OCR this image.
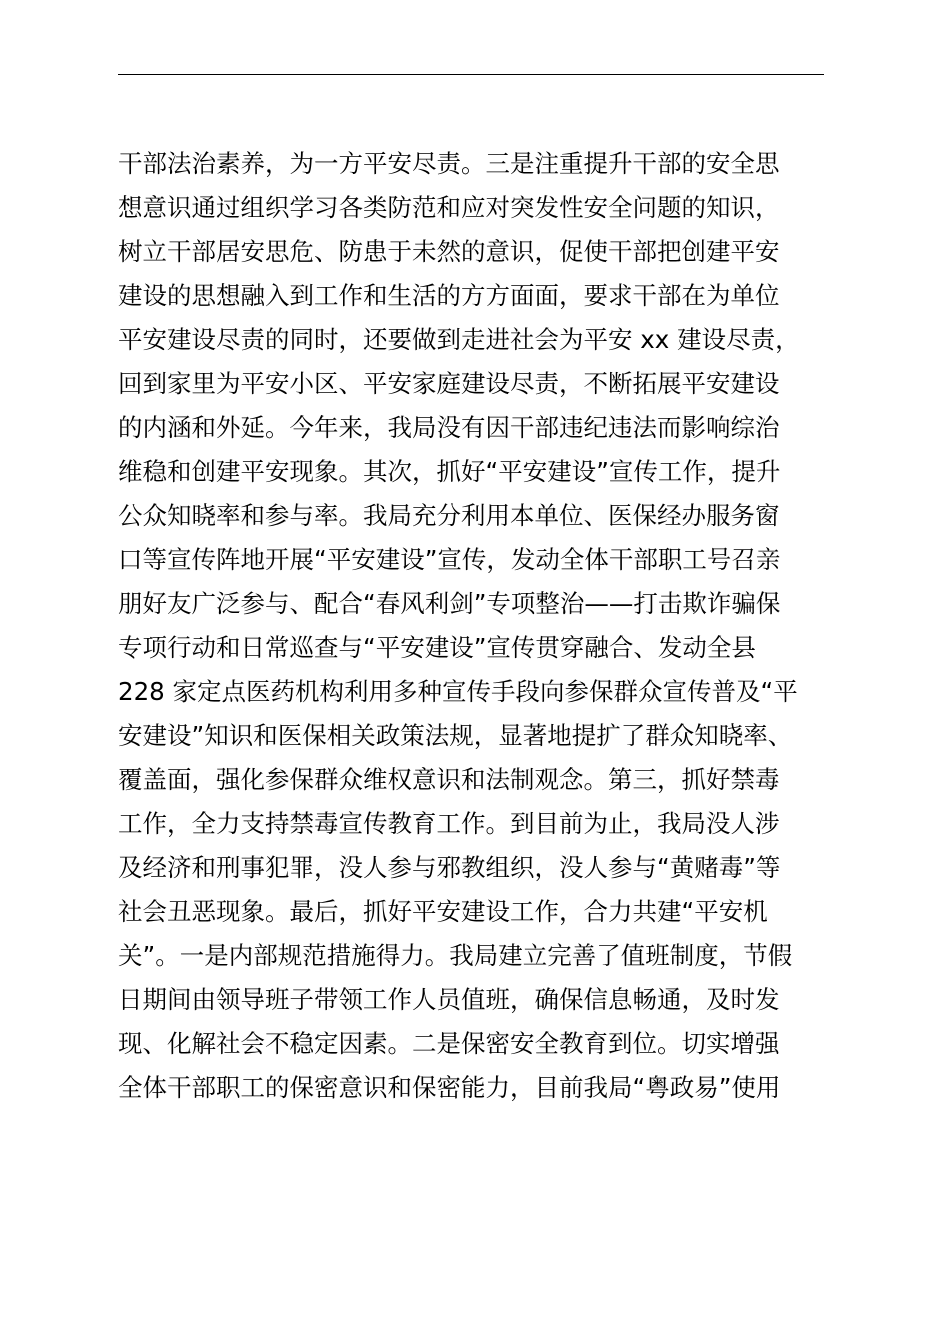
干部法治素养，为一方平安尽责。三是注重提升干部的安全思
想意识通过组织学习各类防范和应对突发性安全问题的知识，
树立干部居安思危、防患于未然的意识，促使干部把创建平安
建设的思想融入到工作和生活的方方面面，要求干部在为单位
平安建设尽责的同时，还要做到走进社会为平安 xx 建设尽责，
回到家里为平安小区、平安家庭建设尽责，不断拓展平安建设
的内涵和外延。今年来，我局没有因干部违纪违法而影响综治
维稳和创建平安现象。其次，抓好“平安建设”宣传工作，提升
公众知晓率和参与率。我局充分利用本单位、医保经办服务窗
口等宣传阵地开展“平安建设”宣传，发动全体干部职工号召亲
朋好友广泛参与、配合“春风利剑”专项整治——打击欺诈骗保
专项行动和日常巡查与“平安建设”宣传贯穿融合、发动全县
228 家定点医药机构利用多种宣传手段向参保群众宣传普及“平
安建设”知识和医保相关政策法规，显著地提扩了群众知晓率、
覆盖面，强化参保群众维权意识和法制观念。第三，抓好禁毒
工作，全力支持禁毒宣传教育工作。到目前为止，我局没人涉
及经济和刑事犯罪，没人参与邪教组织，没人参与“黄赌毒”等
社会丑恶现象。最后，抓好平安建设工作，合力共建“平安机
关”。一是内部规范措施得力。我局建立完善了值班制度，节假
日期间由领导班子带领工作人员值班，确保信息畅通，及时发
现、化解社会不稳定因素。二是保密安全教育到位。切实增强
全体干部职工的保密意识和保密能力，目前我局“粤政易”使用
